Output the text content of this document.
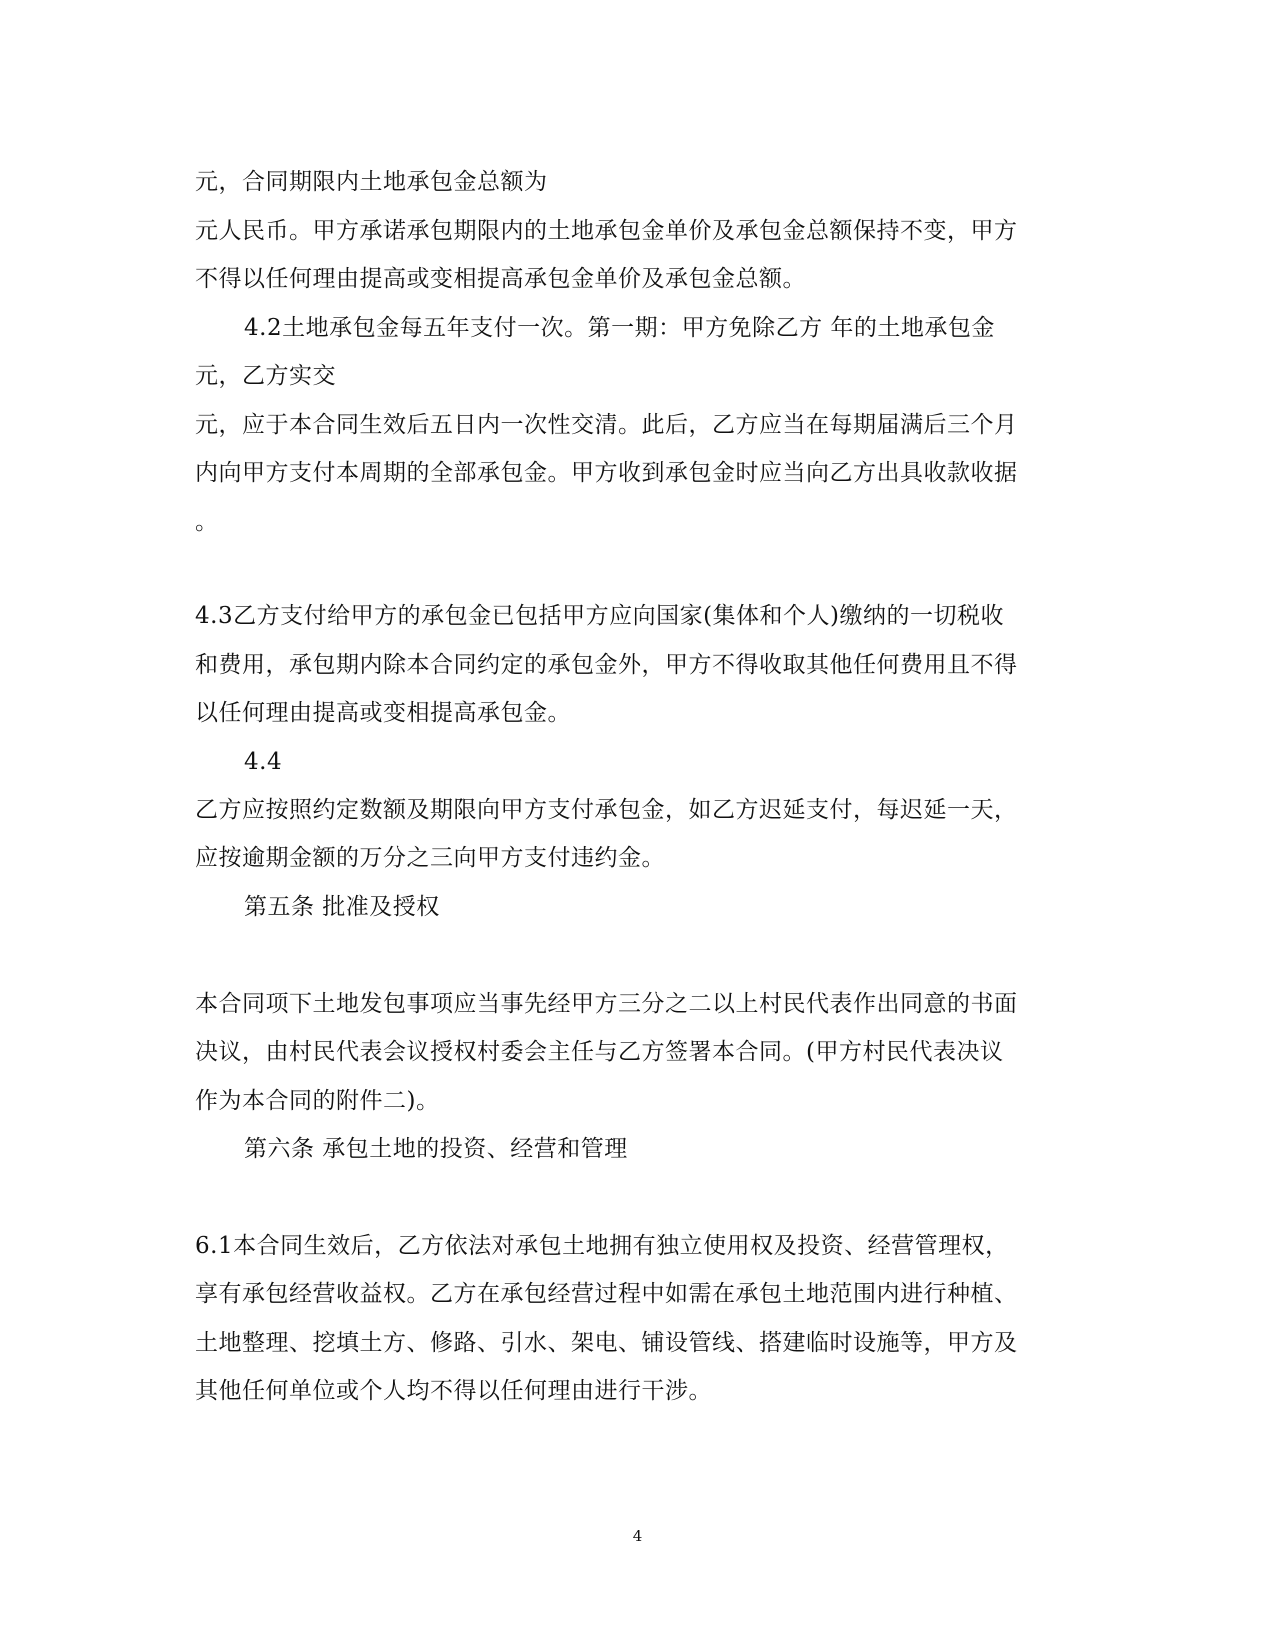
元，合同期限内土地承包金总额为
元人民币。甲方承诺承包期限内的土地承包金单价及承包金总额保持不变，甲方
不得以任何理由提高或变相提高承包金单价及承包金总额。
4.2土地承包金每五年支付一次。第一期：甲方免除乙方 年的土地承包金
元，乙方实交
元，应于本合同生效后五日内一次性交清。此后，乙方应当在每期届满后三个月
内向甲方支付本周期的全部承包金。甲方收到承包金时应当向乙方出具收款收据
。
4.3乙方支付给甲方的承包金已包括甲方应向国家(集体和个人)缴纳的一切税收
和费用，承包期内除本合同约定的承包金外，甲方不得收取其他任何费用且不得
以任何理由提高或变相提高承包金。
4.4
乙方应按照约定数额及期限向甲方支付承包金，如乙方迟延支付，每迟延一天，
应按逾期金额的万分之三向甲方支付违约金。
第五条 批准及授权
本合同项下土地发包事项应当事先经甲方三分之二以上村民代表作出同意的书面
决议，由村民代表会议授权村委会主任与乙方签署本合同。(甲方村民代表决议
作为本合同的附件二)。
第六条 承包土地的投资、经营和管理
6.1本合同生效后，乙方依法对承包土地拥有独立使用权及投资、经营管理权，
享有承包经营收益权。乙方在承包经营过程中如需在承包土地范围内进行种植、
土地整理、挖填土方、修路、引水、架电、铺设管线、搭建临时设施等，甲方及
其他任何单位或个人均不得以任何理由进行干涉。
4
